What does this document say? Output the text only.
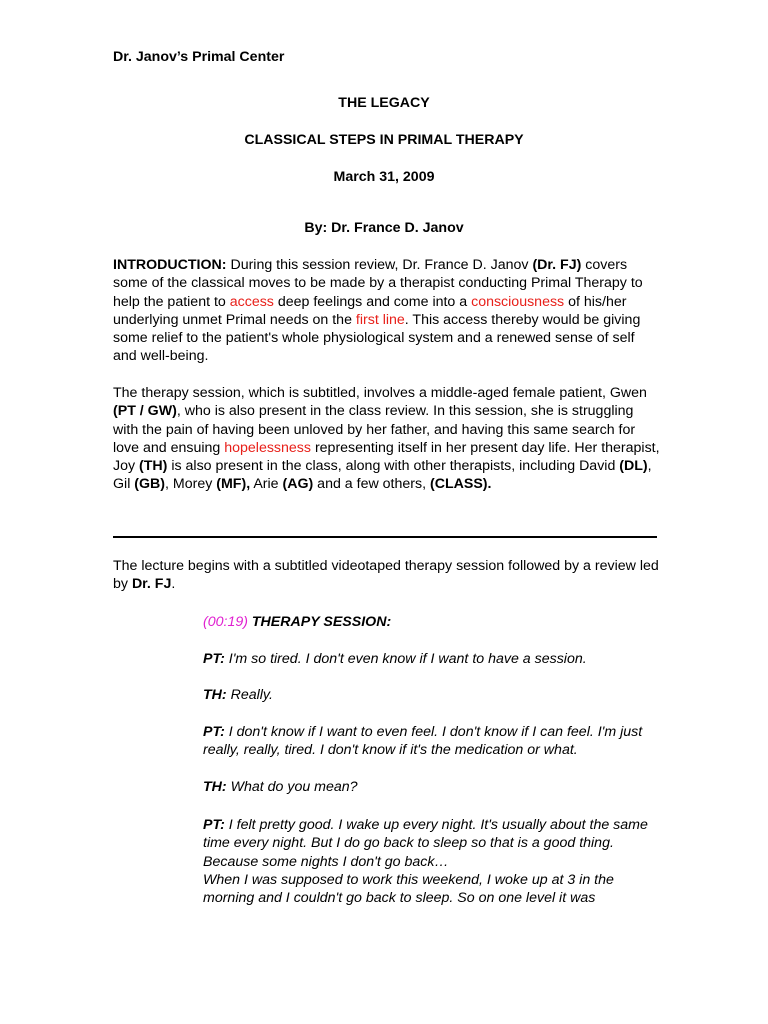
Dr. Janov’s Primal Center

THE LEGACY

CLASSICAL STEPS IN PRIMAL THERAPY

March 31, 2009

By: Dr. France D. Janov

INTRODUCTION: During this session review, Dr. France D. Janov (Dr. FJ) covers some of the classical moves to be made by a therapist conducting Primal Therapy to help the patient to access deep feelings and come into a consciousness of his/her underlying unmet Primal needs on the first line. This access thereby would be giving some relief to the patient's whole physiological system and a renewed sense of self and well-being.

The therapy session, which is subtitled, involves a middle-aged female patient, Gwen (PT / GW), who is also present in the class review. In this session, she is struggling with the pain of having been unloved by her father, and having this same search for love and ensuing hopelessness representing itself in her present day life. Her therapist, Joy (TH) is also present in the class, along with other therapists, including David (DL), Gil (GB), Morey (MF), Arie (AG) and a few others, (CLASS).

The lecture begins with a subtitled videotaped therapy session followed by a review led by Dr. FJ.

(00:19) THERAPY SESSION:

PT: I'm so tired. I don't even know if I want to have a session.

TH: Really.

PT: I don't know if I want to even feel. I don't know if I can feel. I'm just really, really, tired. I don't know if it's the medication or what.

TH: What do you mean?

PT: I felt pretty good. I wake up every night. It's usually about the same time every night. But I do go back to sleep so that is a good thing. Because some nights I don't go back…
When I was supposed to work this weekend, I woke up at 3 in the morning and I couldn't go back to sleep. So on one level it was
